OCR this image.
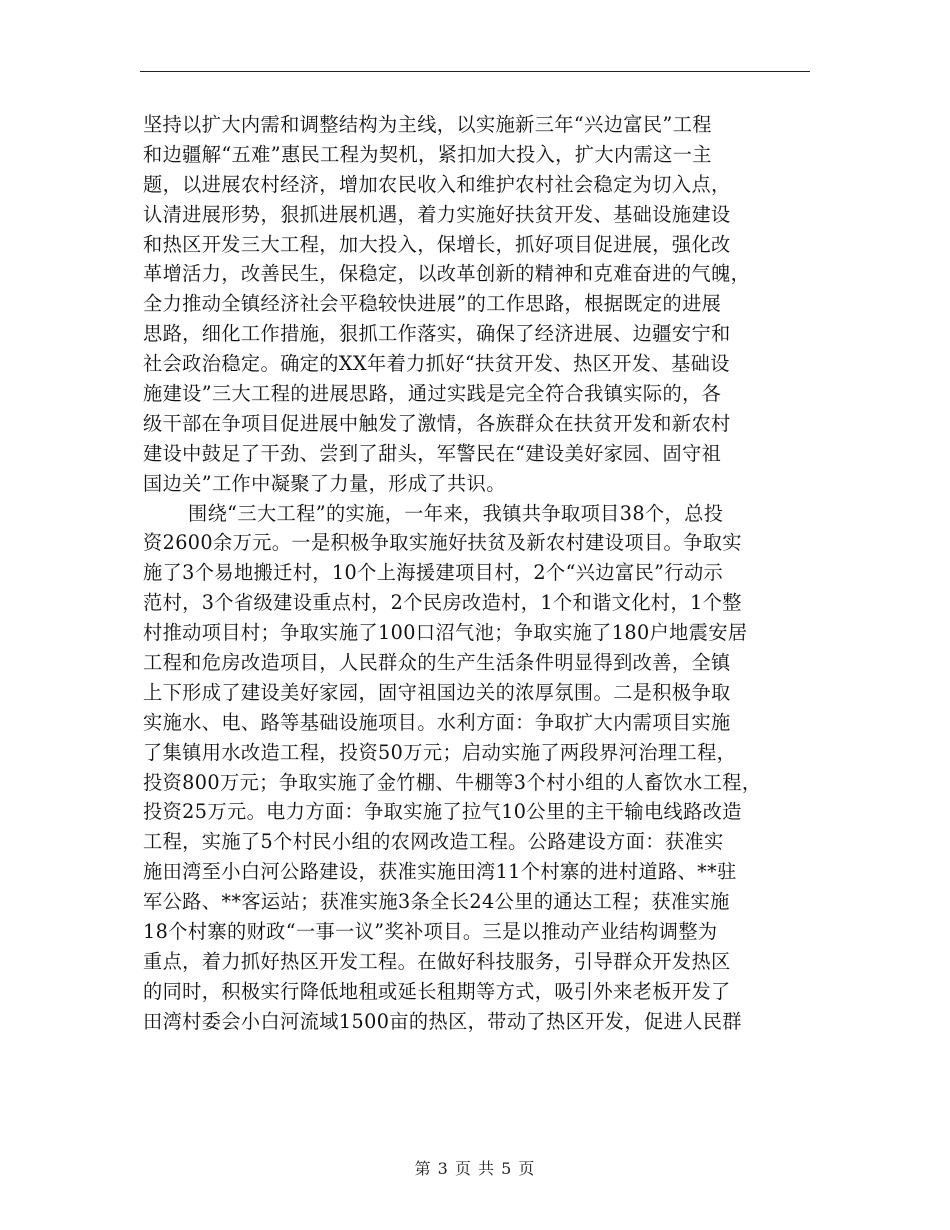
坚持以扩大内需和调整结构为主线，以实施新三年“兴边富民”工程
和边疆解“五难”惠民工程为契机，紧扣加大投入，扩大内需这一主
题，以进展农村经济，增加农民收入和维护农村社会稳定为切入点，
认清进展形势，狠抓进展机遇，着力实施好扶贫开发、基础设施建设
和热区开发三大工程，加大投入，保增长，抓好项目促进展，强化改
革增活力，改善民生，保稳定，以改革创新的精神和克难奋进的气魄，
全力推动全镇经济社会平稳较快进展”的工作思路，根据既定的进展
思路，细化工作措施，狠抓工作落实，确保了经济进展、边疆安宁和
社会政治稳定。确定的XX年着力抓好“扶贫开发、热区开发、基础设
施建设”三大工程的进展思路，通过实践是完全符合我镇实际的，各
级干部在争项目促进展中触发了激情，各族群众在扶贫开发和新农村
建设中鼓足了干劲、尝到了甜头，军警民在“建设美好家园、固守祖
国边关”工作中凝聚了力量，形成了共识。
围绕“三大工程”的实施，一年来，我镇共争取项目38个，总投
资2600余万元。一是积极争取实施好扶贫及新农村建设项目。争取实
施了3个易地搬迁村，10个上海援建项目村，2个“兴边富民”行动示
范村，3个省级建设重点村，2个民房改造村，1个和谐文化村，1个整
村推动项目村；争取实施了100口沼气池；争取实施了180户地震安居
工程和危房改造项目，人民群众的生产生活条件明显得到改善，全镇
上下形成了建设美好家园，固守祖国边关的浓厚氛围。二是积极争取
实施水、电、路等基础设施项目。水利方面：争取扩大内需项目实施
了集镇用水改造工程，投资50万元；启动实施了两段界河治理工程，
投资800万元；争取实施了金竹棚、牛棚等3个村小组的人畜饮水工程，
投资25万元。电力方面：争取实施了拉气10公里的主干输电线路改造
工程，实施了5个村民小组的农网改造工程。公路建设方面：获准实
施田湾至小白河公路建设，获准实施田湾11个村寨的进村道路、**驻
军公路、**客运站；获准实施3条全长24公里的通达工程；获准实施
18个村寨的财政“一事一议”奖补项目。三是以推动产业结构调整为
重点，着力抓好热区开发工程。在做好科技服务，引导群众开发热区
的同时，积极实行降低地租或延长租期等方式，吸引外来老板开发了
田湾村委会小白河流域1500亩的热区，带动了热区开发，促进人民群
第 3 页 共 5 页
